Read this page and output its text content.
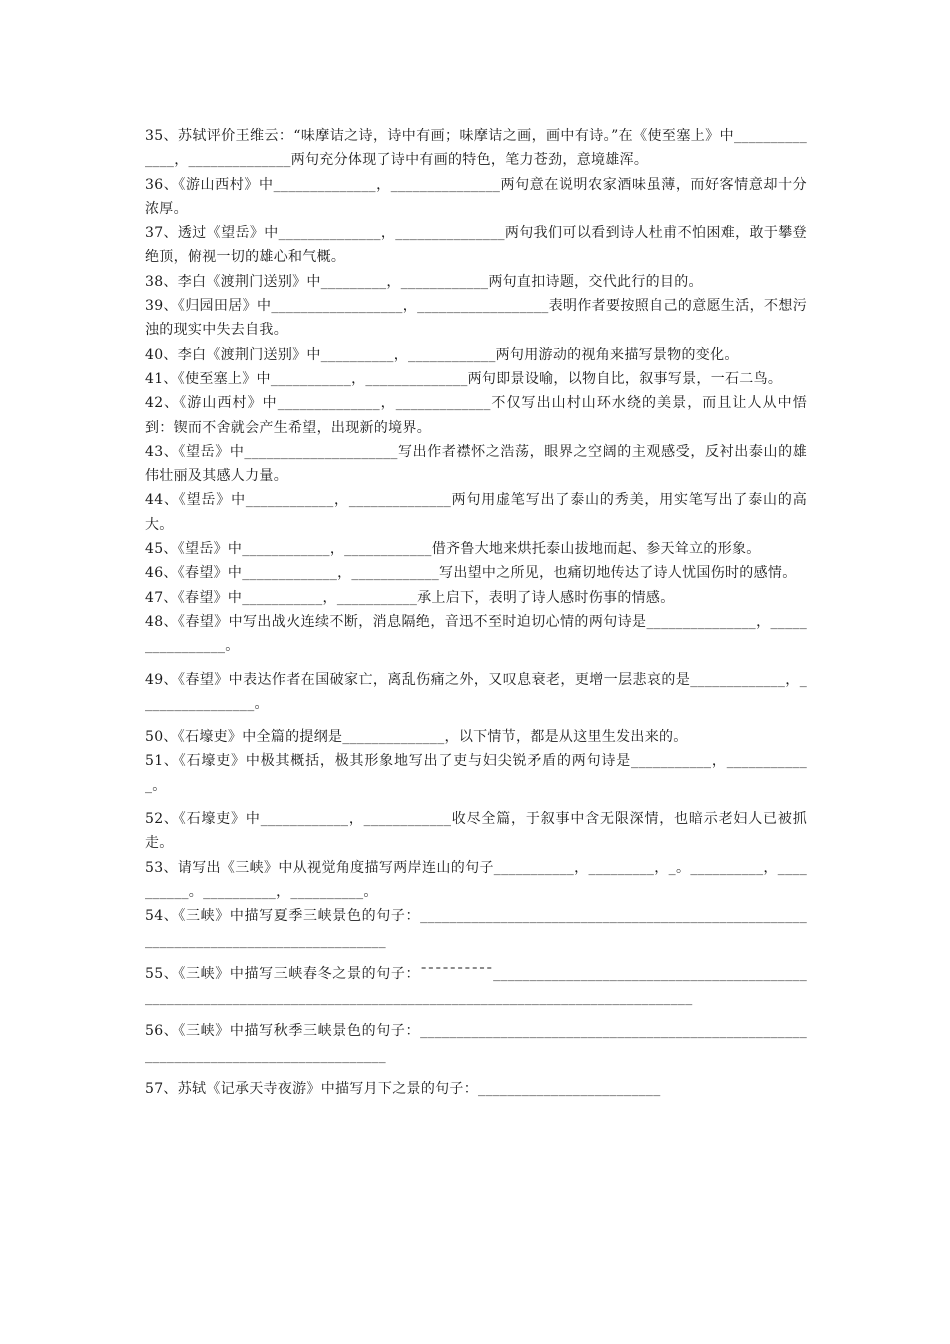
35、苏轼评价王维云：“味摩诘之诗，诗中有画；味摩诘之画，画中有诗。”在《使至塞上》中______________，______________两句充分体现了诗中有画的特色，笔力苍劲，意境雄浑。

36、《游山西村》中______________，_______________两句意在说明农家酒味虽薄，而好客情意却十分浓厚。

37、透过《望岳》中______________，_______________两句我们可以看到诗人杜甫不怕困难，敢于攀登绝顶，俯视一切的雄心和气概。

38、李白《渡荆门送别》中_________，____________两句直扣诗题，交代此行的目的。

39、《归园田居》中__________________，__________________表明作者要按照自己的意愿生活，不想污浊的现实中失去自我。

40、李白《渡荆门送别》中__________，____________两句用游动的视角来描写景物的变化。

41、《使至塞上》中___________，______________两句即景设喻，以物自比，叙事写景，一石二鸟。

42、《游山西村》中______________，_____________不仅写出山村山环水绕的美景，而且让人从中悟到：锲而不舍就会产生希望，出现新的境界。

43、《望岳》中_____________________写出作者襟怀之浩荡，眼界之空阔的主观感受，反衬出泰山的雄伟壮丽及其感人力量。

44、《望岳》中____________，______________两句用虚笔写出了泰山的秀美，用实笔写出了泰山的高大。

45、《望岳》中____________，____________借齐鲁大地来烘托泰山拔地而起、参天耸立的形象。

46、《春望》中_____________，____________写出望中之所见，也痛切地传达了诗人忧国伤时的感情。

47、《春望》中___________，___________承上启下，表明了诗人感时伤事的情感。

48、《春望》中写出战火连续不断，消息隔绝，音迅不至时迫切心情的两句诗是_______________，________________。

49、《春望》中表达作者在国破家亡，离乱伤痛之外，又叹息衰老，更增一层悲哀的是_____________，________________。

50、《石壕吏》中全篇的提纲是______________，以下情节，都是从这里生发出来的。

51、《石壕吏》中极其概括，极其形象地写出了吏与妇尖锐矛盾的两句诗是___________，____________。

52、《石壕吏》中____________，____________收尽全篇，于叙事中含无限深情，也暗示老妇人已被抓走。

53、请写出《三峡》中从视觉角度描写两岸连山的句子___________，_________，_。__________，__________。__________，__________。

54、《三峡》中描写夏季三峡景色的句子：______________________________________________________________________________________

55、《三峡》中描写三峡春冬之景的句子：¯¯¯¯¯¯¯¯¯¯______________________________________________________________________________________________________________________

56、《三峡》中描写秋季三峡景色的句子：______________________________________________________________________________________

57、苏轼《记承天寺夜游》中描写月下之景的句子：_________________________
